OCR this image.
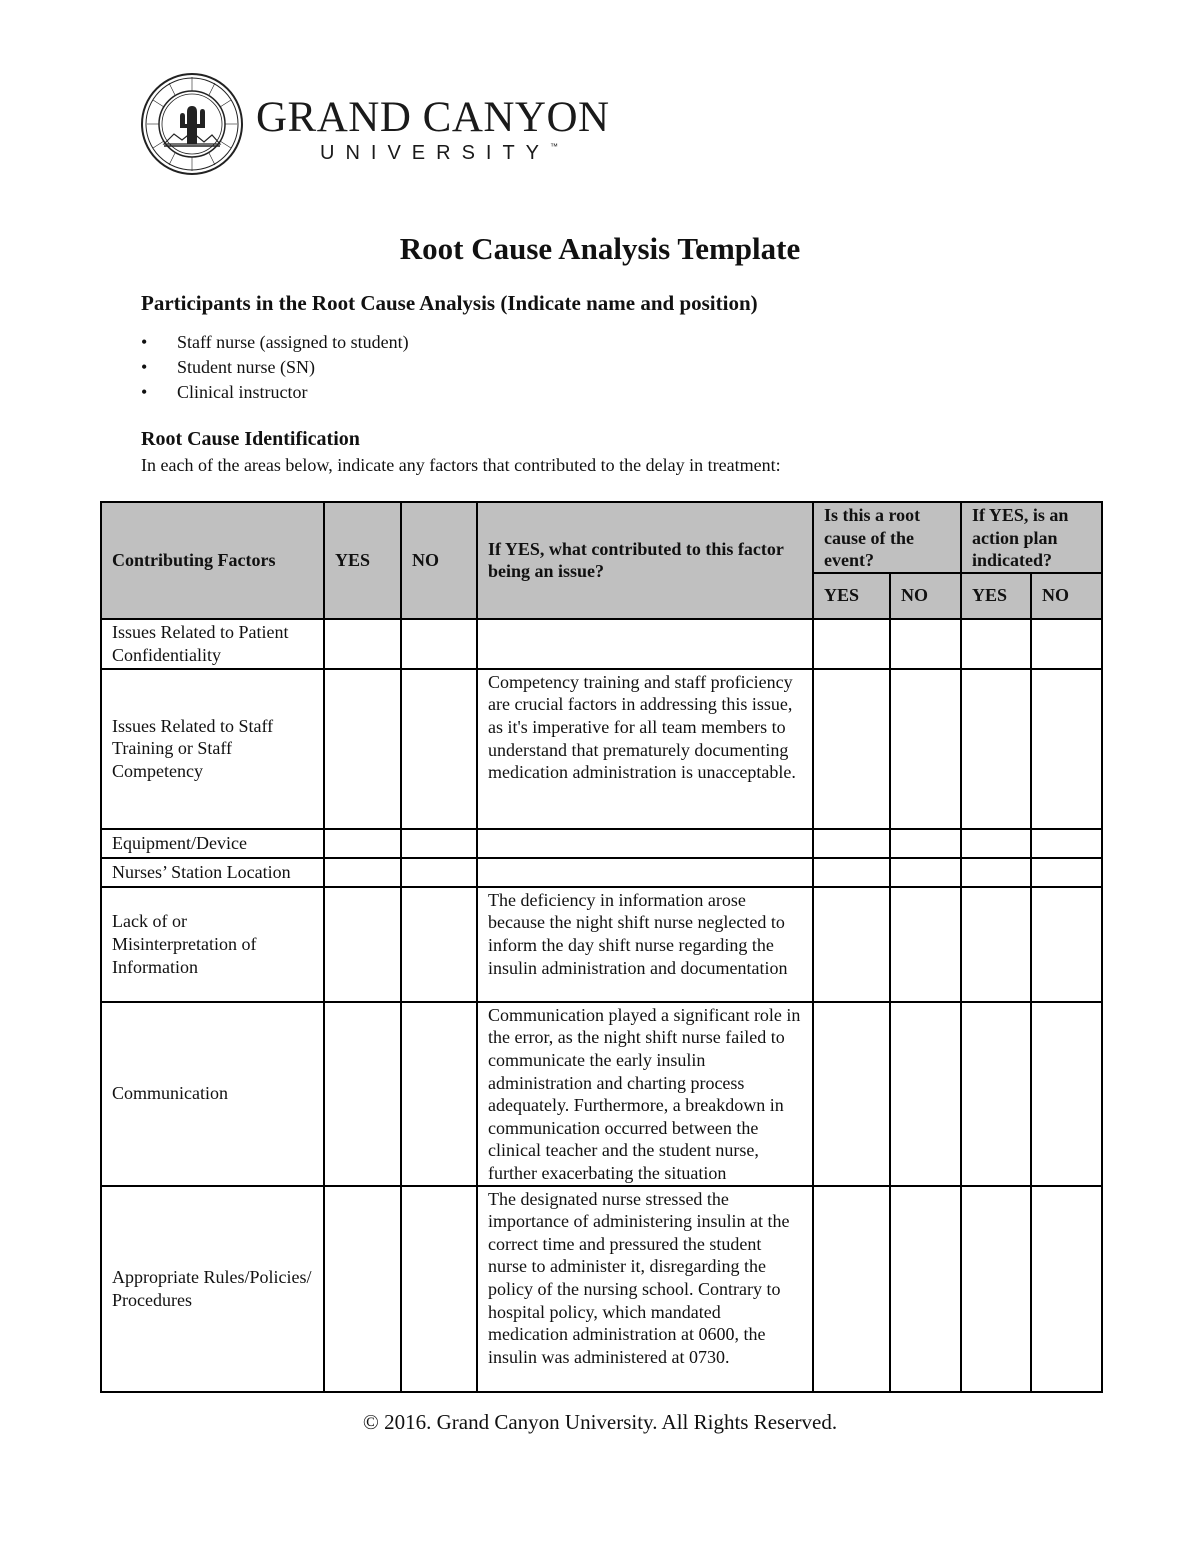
GRAND CANYON
UNIVERSITY™
Root Cause Analysis Template
Participants in the Root Cause Analysis (Indicate name and position)
• Staff nurse (assigned to student)
• Student nurse (SN)
• Clinical instructor
Root Cause Identification

In each of the areas below, indicate any factors that contributed to the delay in treatment:

Contributing Factors	YES	NO	If YES, what contributed to this factor being an issue?	Is this a root cause of the event?		If YES, is an action plan indicated?	
				YES	NO	YES	NO
Issues Related to Patient Confidentiality							
Issues Related to Staff Training or Staff Competency			Competency training and staff proficiency are crucial factors in addressing this issue, as it's imperative for all team members to understand that prematurely documenting medication administration is unacceptable.				
Equipment/Device							
Nurses’ Station Location							
Lack of or Misinterpretation of Information			The deficiency in information arose because the night shift nurse neglected to inform the day shift nurse regarding the insulin administration and documentation				
Communication			Communication played a significant role in the error, as the night shift nurse failed to communicate the early insulin administration and charting process adequately. Furthermore, a breakdown in communication occurred between the clinical teacher and the student nurse, further exacerbating the situation				
Appropriate Rules/Policies/ Procedures			The designated nurse stressed the importance of administering insulin at the correct time and pressured the student nurse to administer it, disregarding the policy of the nursing school. Contrary to hospital policy, which mandated medication administration at 0600, the insulin was administered at 0730.				

© 2016. Grand Canyon University. All Rights Reserved.
